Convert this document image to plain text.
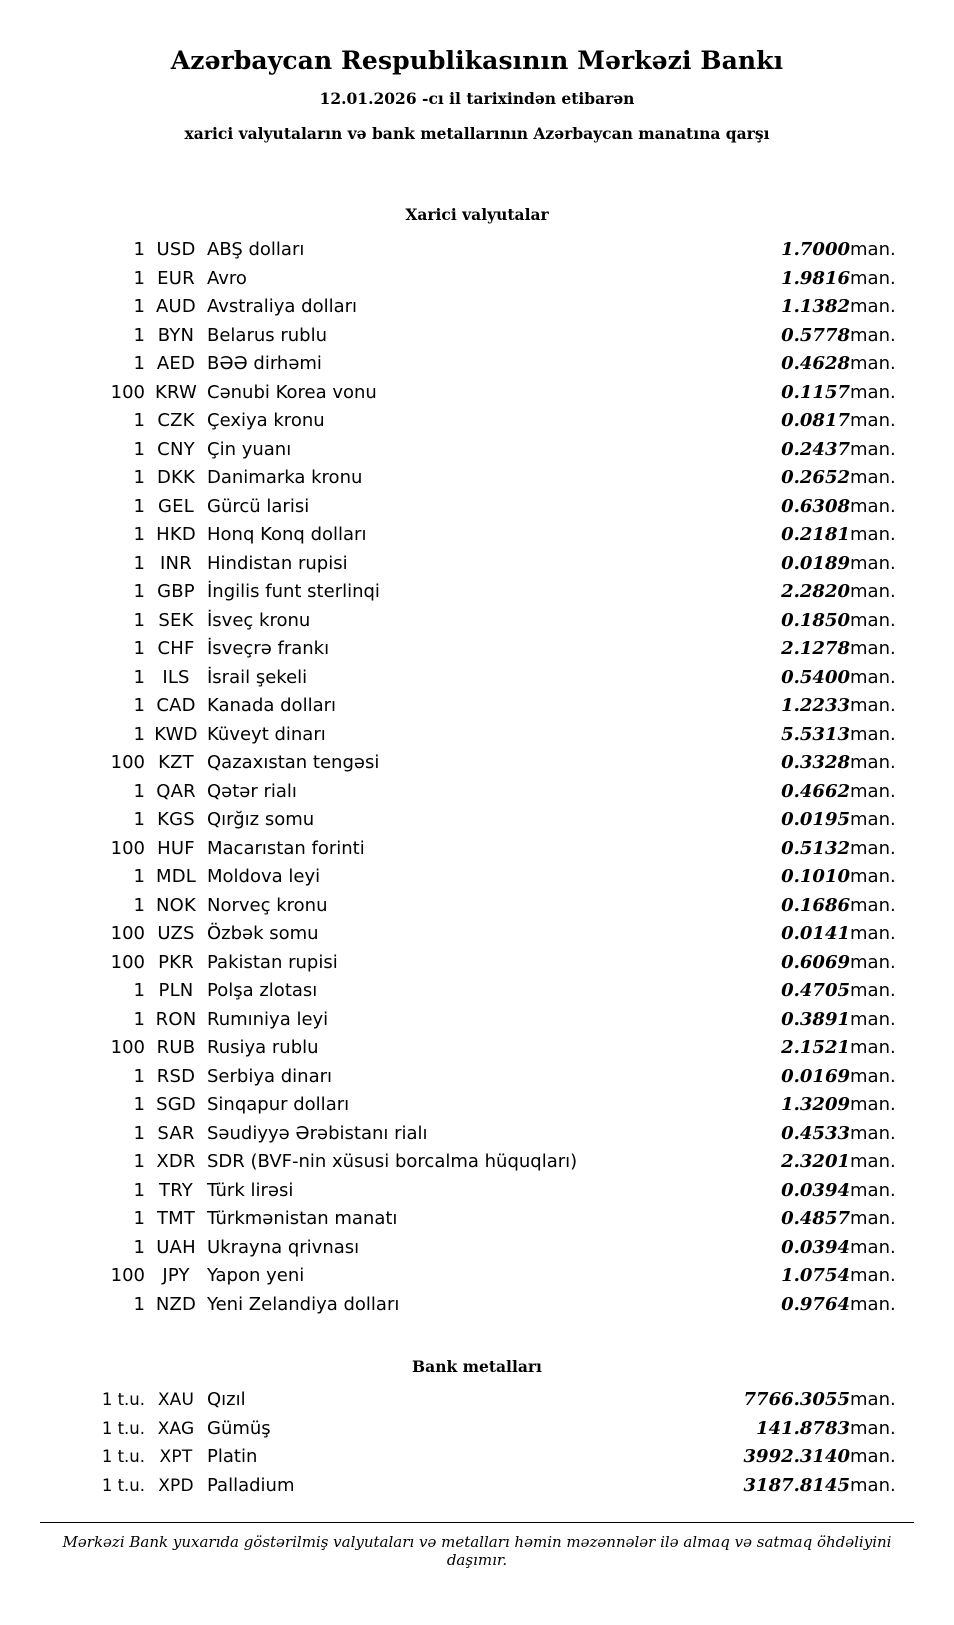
Azərbaycan Respublikasının Mərkəzi Bankı
12.01.2026 -cı il tarixindən etibarən
xarici valyutaların və bank metallarının Azərbaycan manatına qarşı
Xarici valyutalar
1	USD	ABŞ dolları	1.7000	man.
1	EUR	Avro	1.9816	man.
1	AUD	Avstraliya dolları	1.1382	man.
1	BYN	Belarus rublu	0.5778	man.
1	AED	BƏƏ dirhəmi	0.4628	man.
100	KRW	Cənubi Korea vonu	0.1157	man.
1	CZK	Çexiya kronu	0.0817	man.
1	CNY	Çin yuanı	0.2437	man.
1	DKK	Danimarka kronu	0.2652	man.
1	GEL	Gürcü larisi	0.6308	man.
1	HKD	Honq Konq dolları	0.2181	man.
1	INR	Hindistan rupisi	0.0189	man.
1	GBP	İngilis funt sterlinqi	2.2820	man.
1	SEK	İsveç kronu	0.1850	man.
1	CHF	İsveçrə frankı	2.1278	man.
1	ILS	İsrail şekeli	0.5400	man.
1	CAD	Kanada dolları	1.2233	man.
1	KWD	Küveyt dinarı	5.5313	man.
100	KZT	Qazaxıstan tengəsi	0.3328	man.
1	QAR	Qətər rialı	0.4662	man.
1	KGS	Qırğız somu	0.0195	man.
100	HUF	Macarıstan forinti	0.5132	man.
1	MDL	Moldova leyi	0.1010	man.
1	NOK	Norveç kronu	0.1686	man.
100	UZS	Özbək somu	0.0141	man.
100	PKR	Pakistan rupisi	0.6069	man.
1	PLN	Polşa zlotası	0.4705	man.
1	RON	Rumıniya leyi	0.3891	man.
100	RUB	Rusiya rublu	2.1521	man.
1	RSD	Serbiya dinarı	0.0169	man.
1	SGD	Sinqapur dolları	1.3209	man.
1	SAR	Səudiyyə Ərəbistanı rialı	0.4533	man.
1	XDR	SDR (BVF-nin xüsusi borcalma hüquqları)	2.3201	man.
1	TRY	Türk lirəsi	0.0394	man.
1	TMT	Türkmənistan manatı	0.4857	man.
1	UAH	Ukrayna qrivnası	0.0394	man.
100	JPY	Yapon yeni	1.0754	man.
1	NZD	Yeni Zelandiya dolları	0.9764	man.
Bank metalları
1 t.u.	XAU	Qızıl	7766.3055	man.
1 t.u.	XAG	Gümüş	141.8783	man.
1 t.u.	XPT	Platin	3992.3140	man.
1 t.u.	XPD	Palladium	3187.8145	man.

Mərkəzi Bank yuxarıda göstərilmiş valyutaları və metalları həmin məzənnələr ilə almaq və satmaq öhdəliyini daşımır.
